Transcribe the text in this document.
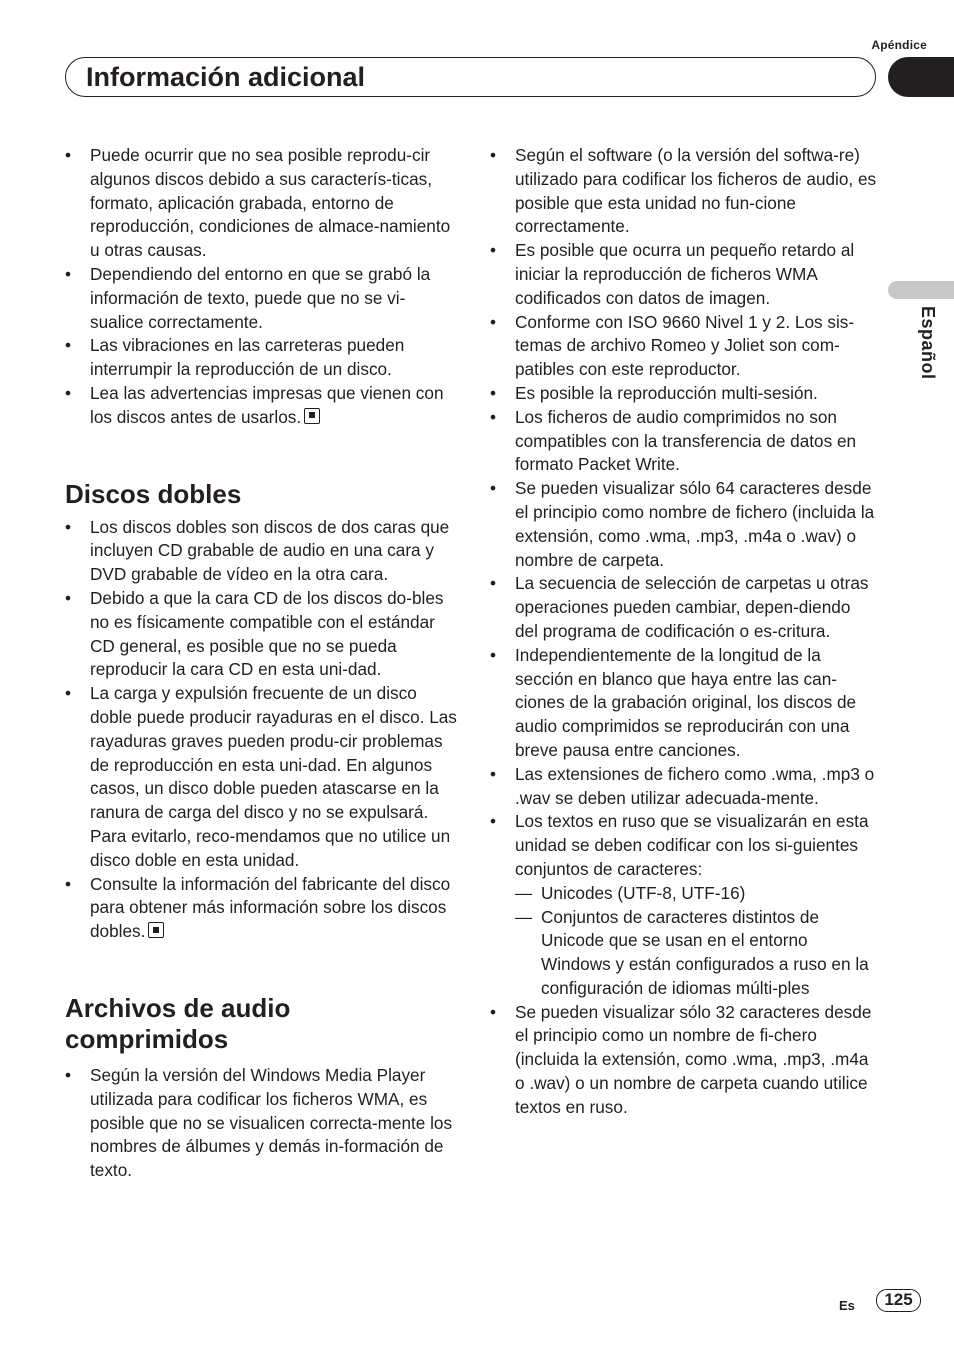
Apéndice
Información adicional
Español
• Puede ocurrir que no sea posible reprodu-cir algunos discos debido a sus caracterís-ticas, formato, aplicación grabada, entorno de reproducción, condiciones de almace-namiento u otras causas.
• Dependiendo del entorno en que se grabó la información de texto, puede que no se vi-sualice correctamente.
• Las vibraciones en las carreteras pueden interrumpir la reproducción de un disco.
• Lea las advertencias impresas que vienen con los discos antes de usarlos.
Discos dobles
• Los discos dobles son discos de dos caras que incluyen CD grabable de audio en una cara y DVD grabable de vídeo en la otra cara.
• Debido a que la cara CD de los discos do-bles no es físicamente compatible con el estándar CD general, es posible que no se pueda reproducir la cara CD en esta uni-dad.
• La carga y expulsión frecuente de un disco doble puede producir rayaduras en el disco. Las rayaduras graves pueden produ-cir problemas de reproducción en esta uni-dad. En algunos casos, un disco doble pueden atascarse en la ranura de carga del disco y no se expulsará. Para evitarlo, reco-mendamos que no utilice un disco doble en esta unidad.
• Consulte la información del fabricante del disco para obtener más información sobre los discos dobles.
Archivos de audio comprimidos
• Según la versión del Windows Media Player utilizada para codificar los ficheros WMA, es posible que no se visualicen correcta-mente los nombres de álbumes y demás in-formación de texto.
• Según el software (o la versión del softwa-re) utilizado para codificar los ficheros de audio, es posible que esta unidad no fun-cione correctamente.
• Es posible que ocurra un pequeño retardo al iniciar la reproducción de ficheros WMA codificados con datos de imagen.
• Conforme con ISO 9660 Nivel 1 y 2. Los sis-temas de archivo Romeo y Joliet son com-patibles con este reproductor.
• Es posible la reproducción multi-sesión.
• Los ficheros de audio comprimidos no son compatibles con la transferencia de datos en formato Packet Write.
• Se pueden visualizar sólo 64 caracteres desde el principio como nombre de fichero (incluida la extensión, como .wma, .mp3, .m4a o .wav) o nombre de carpeta.
• La secuencia de selección de carpetas u otras operaciones pueden cambiar, depen-diendo del programa de codificación o es-critura.
• Independientemente de la longitud de la sección en blanco que haya entre las can-ciones de la grabación original, los discos de audio comprimidos se reproducirán con una breve pausa entre canciones.
• Las extensiones de fichero como .wma, .mp3 o .wav se deben utilizar adecuada-mente.
• Los textos en ruso que se visualizarán en esta unidad se deben codificar con los si-guientes conjuntos de caracteres:
— Unicodes (UTF-8, UTF-16)
— Conjuntos de caracteres distintos de Unicode que se usan en el entorno Windows y están configurados a ruso en la configuración de idiomas múlti-ples
• Se pueden visualizar sólo 32 caracteres desde el principio como un nombre de fi-chero (incluida la extensión, como .wma, .mp3, .m4a o .wav) o un nombre de carpeta cuando utilice textos en ruso.
Es	125
